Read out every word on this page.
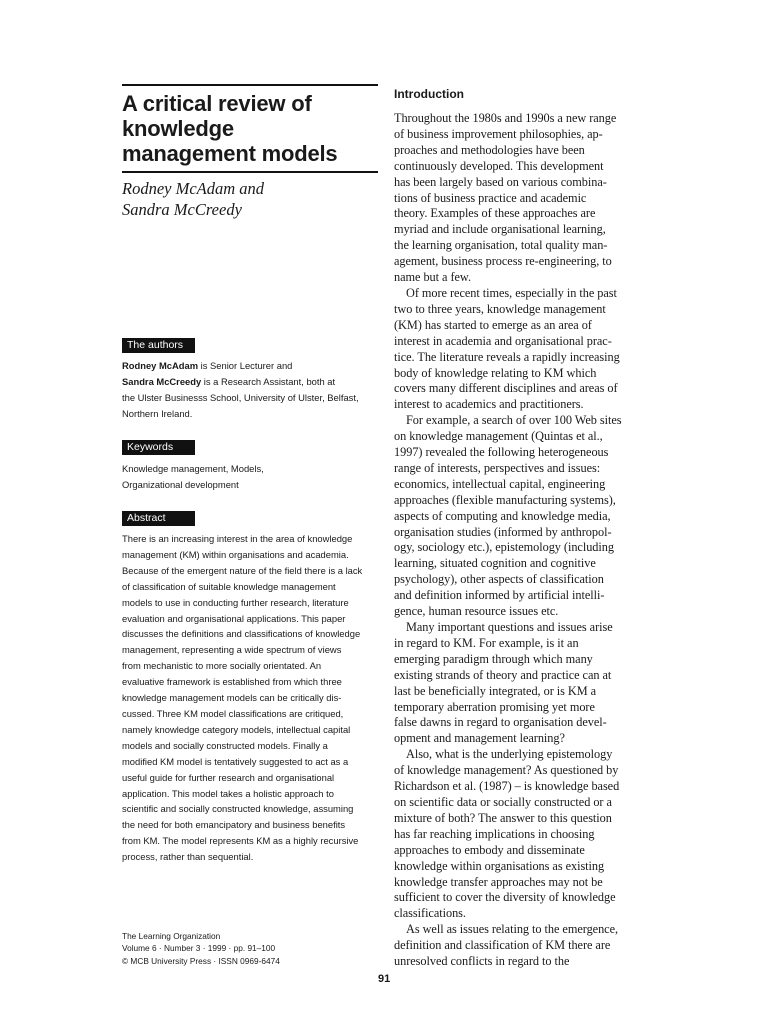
A critical review of
knowledge
management models

Rodney McAdam and
Sandra McCreedy

The authors
Rodney McAdam is Senior Lecturer and
Sandra McCreedy is a Research Assistant, both at
the Ulster Businesss School, University of Ulster, Belfast,
Northern Ireland.
Keywords
Knowledge management, Models,
Organizational development
Abstract
There is an increasing interest in the area of knowledge
management (KM) within organisations and academia.
Because of the emergent nature of the field there is a lack
of classification of suitable knowledge management
models to use in conducting further research, literature
evaluation and organisational applications. This paper
discusses the definitions and classifications of knowledge
management, representing a wide spectrum of views
from mechanistic to more socially orientated. An
evaluative framework is established from which three
knowledge management models can be critically dis-
cussed. Three KM model classifications are critiqued,
namely knowledge category models, intellectual capital
models and socially constructed models. Finally a
modified KM model is tentatively suggested to act as a
useful guide for further research and organisational
application. This model takes a holistic approach to
scientific and socially constructed knowledge, assuming
the need for both emancipatory and business benefits
from KM. The model represents KM as a highly recursive
process, rather than sequential.
The Learning Organization
Volume 6 · Number 3 · 1999 · pp. 91–100
© MCB University Press · ISSN 0969-6474
Introduction
Throughout the 1980s and 1990s a new range
of business improvement philosophies, ap-
proaches and methodologies have been
continuously developed. This development
has been largely based on various combina-
tions of business practice and academic
theory. Examples of these approaches are
myriad and include organisational learning,
the learning organisation, total quality man-
agement, business process re-engineering, to
name but a few.
Of more recent times, especially in the past
two to three years, knowledge management
(KM) has started to emerge as an area of
interest in academia and organisational prac-
tice. The literature reveals a rapidly increasing
body of knowledge relating to KM which
covers many different disciplines and areas of
interest to academics and practitioners.
For example, a search of over 100 Web sites
on knowledge management (Quintas et al.,
1997) revealed the following heterogeneous
range of interests, perspectives and issues:
economics, intellectual capital, engineering
approaches (flexible manufacturing systems),
aspects of computing and knowledge media,
organisation studies (informed by anthropol-
ogy, sociology etc.), epistemology (including
learning, situated cognition and cognitive
psychology), other aspects of classification
and definition informed by artificial intelli-
gence, human resource issues etc.
Many important questions and issues arise
in regard to KM. For example, is it an
emerging paradigm through which many
existing strands of theory and practice can at
last be beneficially integrated, or is KM a
temporary aberration promising yet more
false dawns in regard to organisation devel-
opment and management learning?
Also, what is the underlying epistemology
of knowledge management? As questioned by
Richardson et al. (1987) – is knowledge based
on scientific data or socially constructed or a
mixture of both? The answer to this question
has far reaching implications in choosing
approaches to embody and disseminate
knowledge within organisations as existing
knowledge transfer approaches may not be
sufficient to cover the diversity of knowledge
classifications.
As well as issues relating to the emergence,
definition and classification of KM there are
unresolved conflicts in regard to the
91
